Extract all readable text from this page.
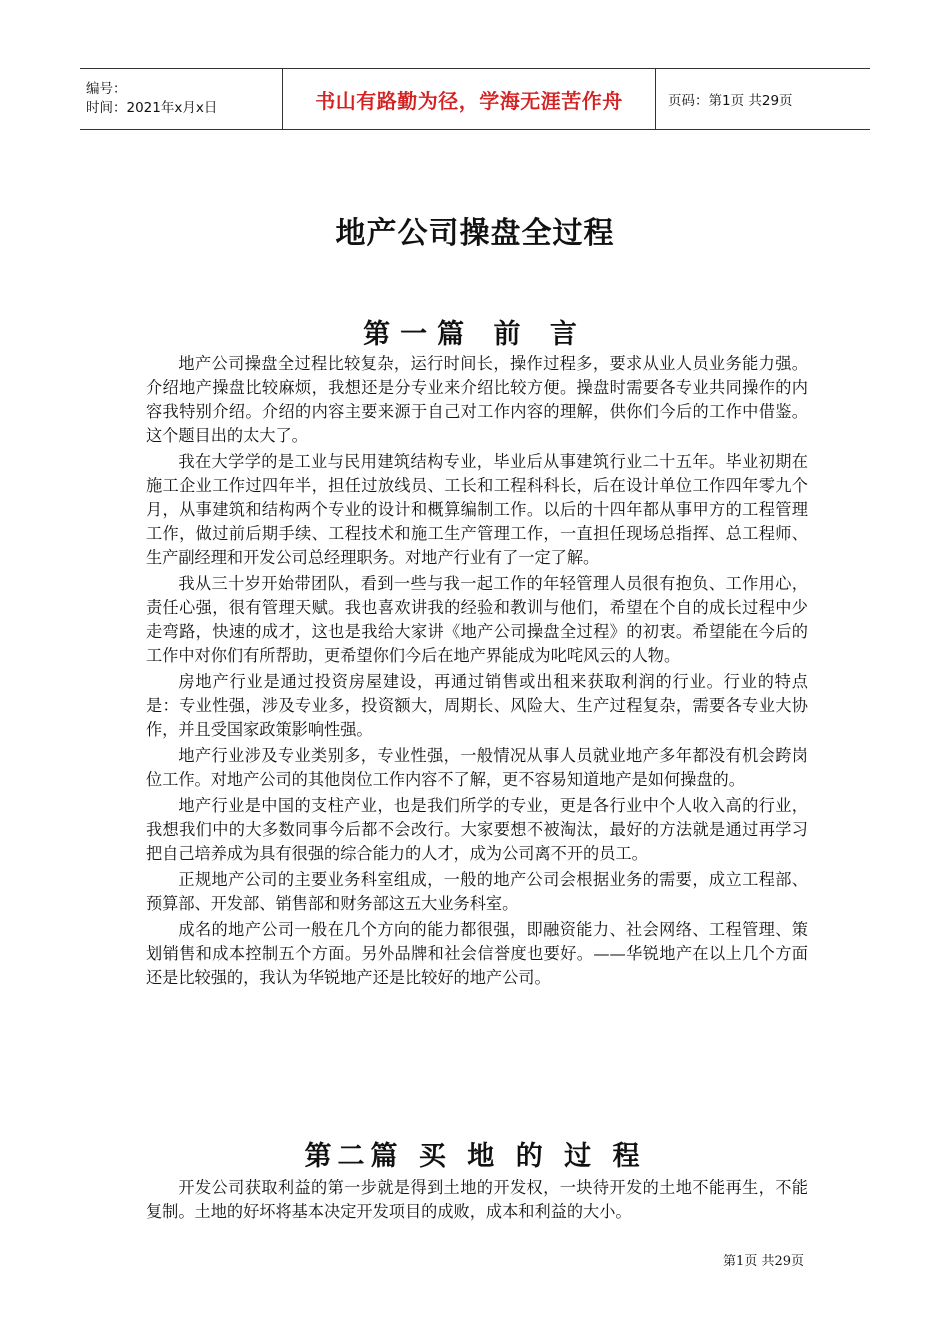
编号：
时间：2021年x月x日	书山有路勤为径，学海无涯苦作舟	页码：第1页 共29页
地产公司操盘全过程
第一篇 前 言

地产公司操盘全过程比较复杂，运行时间长，操作过程多，要求从业人员业务能力强。介绍地产操盘比较麻烦，我想还是分专业来介绍比较方便。操盘时需要各专业共同操作的内容我特别介绍。介绍的内容主要来源于自己对工作内容的理解，供你们今后的工作中借鉴。这个题目出的太大了。

我在大学学的是工业与民用建筑结构专业，毕业后从事建筑行业二十五年。毕业初期在施工企业工作过四年半，担任过放线员、工长和工程科科长，后在设计单位工作四年零九个月，从事建筑和结构两个专业的设计和概算编制工作。以后的十四年都从事甲方的工程管理工作，做过前后期手续、工程技术和施工生产管理工作，一直担任现场总指挥、总工程师、生产副经理和开发公司总经理职务。对地产行业有了一定了解。

我从三十岁开始带团队，看到一些与我一起工作的年轻管理人员很有抱负、工作用心，责任心强，很有管理天赋。我也喜欢讲我的经验和教训与他们，希望在个自的成长过程中少走弯路，快速的成才，这也是我给大家讲《地产公司操盘全过程》的初衷。希望能在今后的工作中对你们有所帮助，更希望你们今后在地产界能成为叱咤风云的人物。

房地产行业是通过投资房屋建设，再通过销售或出租来获取利润的行业。行业的特点是：专业性强，涉及专业多，投资额大，周期长、风险大、生产过程复杂，需要各专业大协作，并且受国家政策影响性强。

地产行业涉及专业类别多，专业性强，一般情况从事人员就业地产多年都没有机会跨岗位工作。对地产公司的其他岗位工作内容不了解，更不容易知道地产是如何操盘的。

地产行业是中国的支柱产业，也是我们所学的专业，更是各行业中个人收入高的行业，我想我们中的大多数同事今后都不会改行。大家要想不被淘汰，最好的方法就是通过再学习把自己培养成为具有很强的综合能力的人才，成为公司离不开的员工。

正规地产公司的主要业务科室组成，一般的地产公司会根据业务的需要，成立工程部、预算部、开发部、销售部和财务部这五大业务科室。

成名的地产公司一般在几个方向的能力都很强，即融资能力、社会网络、工程管理、策划销售和成本控制五个方面。另外品牌和社会信誉度也要好。——华锐地产在以上几个方面还是比较强的，我认为华锐地产还是比较好的地产公司。

第二篇 买 地 的 过 程

开发公司获取利益的第一步就是得到土地的开发权，一块待开发的土地不能再生，不能复制。土地的好坏将基本决定开发项目的成败，成本和利益的大小。

第1页 共29页
